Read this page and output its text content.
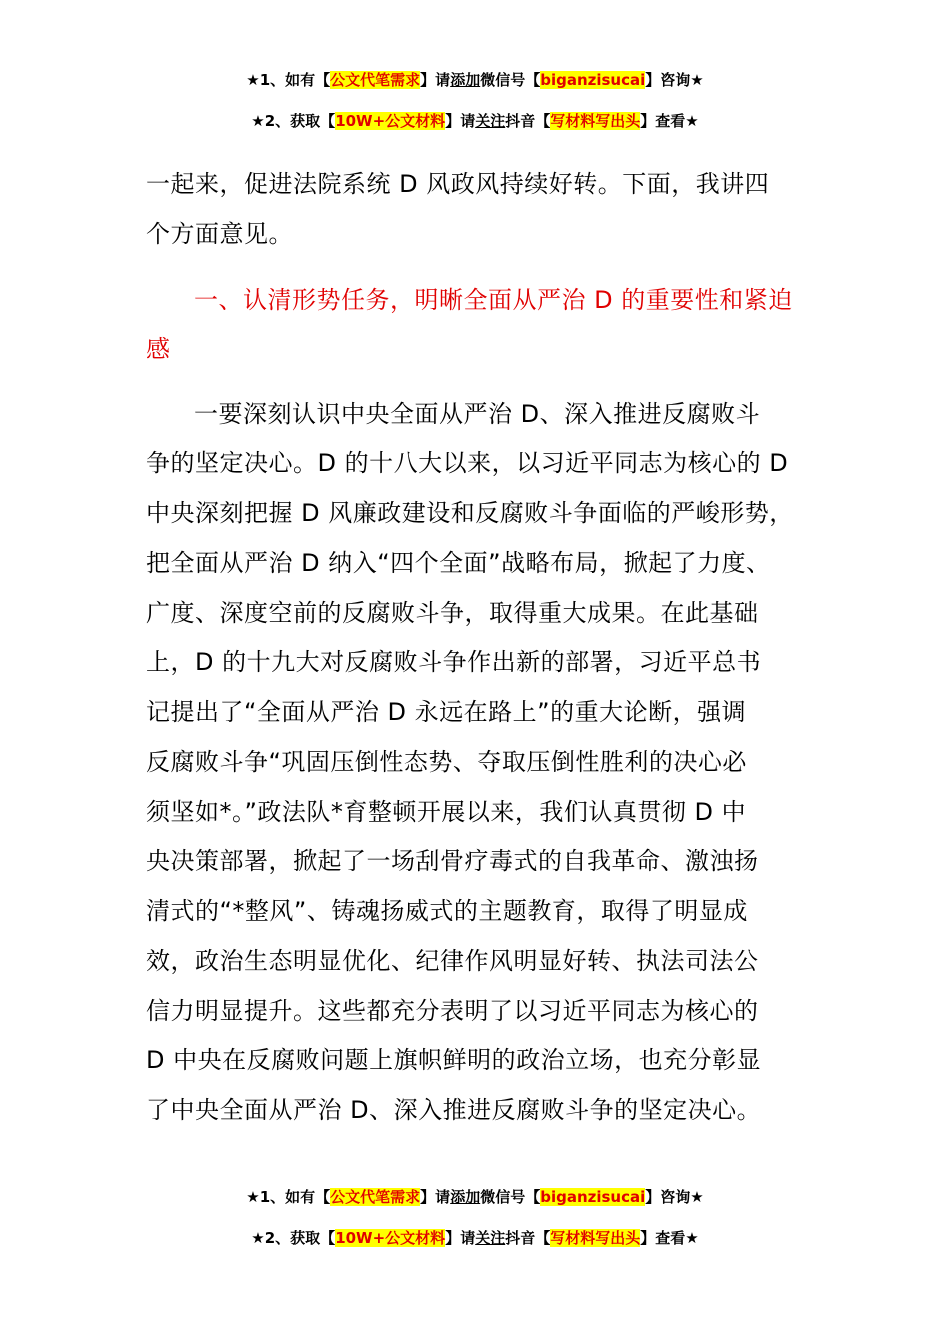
★1、如有【公文代笔需求】请添加微信号【biganzisucai】咨询★
★2、获取【10W+公文材料】请关注抖音【写材料写出头】查看★
一起来，促进法院系统 D 风政风持续好转。下面，我讲四
个方面意见。
一、认清形势任务，明晰全面从严治 D 的重要性和紧迫
感
一要深刻认识中央全面从严治 D、深入推进反腐败斗
争的坚定决心。D 的十八大以来，以习近平同志为核心的 D
中央深刻把握 D 风廉政建设和反腐败斗争面临的严峻形势，
把全面从严治 D 纳入“四个全面”战略布局，掀起了力度、
广度、深度空前的反腐败斗争，取得重大成果。在此基础
上，D 的十九大对反腐败斗争作出新的部署，习近平总书
记提出了“全面从严治 D 永远在路上”的重大论断，强调
反腐败斗争“巩固压倒性态势、夺取压倒性胜利的决心必
须坚如*。”政法队*育整顿开展以来，我们认真贯彻 D 中
央决策部署，掀起了一场刮骨疗毒式的自我革命、激浊扬
清式的“*整风”、铸魂扬威式的主题教育，取得了明显成
效，政治生态明显优化、纪律作风明显好转、执法司法公
信力明显提升。这些都充分表明了以习近平同志为核心的
D 中央在反腐败问题上旗帜鲜明的政治立场，也充分彰显
了中央全面从严治 D、深入推进反腐败斗争的坚定决心。
★1、如有【公文代笔需求】请添加微信号【biganzisucai】咨询★
★2、获取【10W+公文材料】请关注抖音【写材料写出头】查看★
